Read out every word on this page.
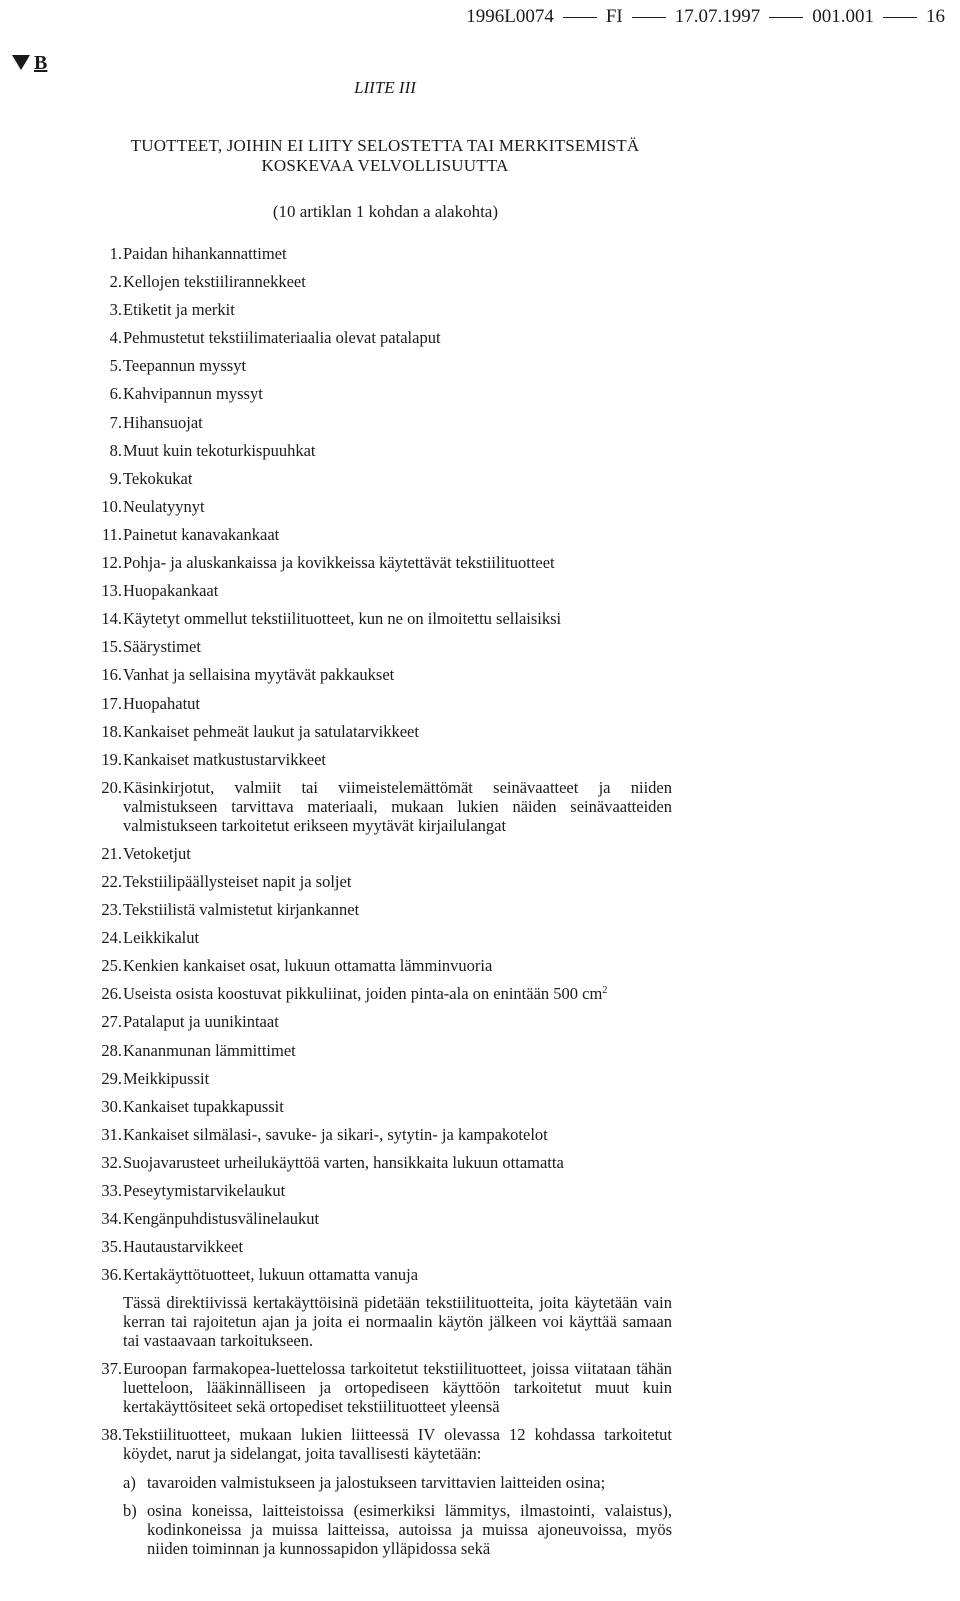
1996L0074	FI	17.07.1997	001.001	16
B
LIITE III
TUOTTEET, JOIHIN EI LIITY SELOSTETTA TAI MERKITSEMISTÄ
KOSKEVAA VELVOLLISUUTTA
(10 artiklan 1 kohdan a alakohta)
1. Paidan hihankannattimet
2. Kellojen tekstiilirannekkeet
3. Etiketit ja merkit
4. Pehmustetut tekstiilimateriaalia olevat patalaput
5. Teepannun myssyt
6. Kahvipannun myssyt
7. Hihansuojat
8. Muut kuin tekoturkispuuhkat
9. Tekokukat
10. Neulatyynyt
11. Painetut kanavakankaat
12. Pohja- ja aluskankaissa ja kovikkeissa käytettävät tekstiilituotteet
13. Huopakankaat
14. Käytetyt ommellut tekstiilituotteet, kun ne on ilmoitettu sellaisiksi
15. Säärystimet
16. Vanhat ja sellaisina myytävät pakkaukset
17. Huopahatut
18. Kankaiset pehmeät laukut ja satulatarvikkeet
19. Kankaiset matkustustarvikkeet
20. Käsinkirjotut, valmiit tai viimeistelemättömät seinävaatteet ja niiden valmistukseen tarvittava materiaali, mukaan lukien näiden seinävaatteiden valmistukseen tarkoitetut erikseen myytävät kirjailulangat
21. Vetoketjut
22. Tekstiilipäällysteiset napit ja soljet
23. Tekstiilistä valmistetut kirjankannet
24. Leikkikalut
25. Kenkien kankaiset osat, lukuun ottamatta lämminvuoria
26. Useista osista koostuvat pikkuliinat, joiden pinta-ala on enintään 500 $cm^2$
27. Patalaput ja uunikintaat
28. Kananmunan lämmittimet
29. Meikkipussit
30. Kankaiset tupakkapussit
31. Kankaiset silmälasi-, savuke- ja sikari-, sytytin- ja kampakotelot
32. Suojavarusteet urheilukäyttöä varten, hansikkaita lukuun ottamatta
33. Peseytymistarvikelaukut
34. Kengänpuhdistusvälinelaukut
35. Hautaustarvikkeet
36. Kertakäyttötuotteet, lukuun ottamatta vanuja
Tässä direktiivissä kertakäyttöisinä pidetään tekstiilituotteita, joita käytetään vain kerran tai rajoitetun ajan ja joita ei normaalin käytön jälkeen voi käyttää samaan tai vastaavaan tarkoitukseen.
37. Euroopan farmakopea-luettelossa tarkoitetut tekstiilituotteet, joissa viitataan tähän luetteloon, lääkinnälliseen ja ortopediseen käyttöön tarkoitetut muut kuin kertakäyttösiteet sekä ortopediset tekstiilituotteet yleensä
38. Tekstiilituotteet, mukaan lukien liitteessä IV olevassa 12 kohdassa tarkoitetut köydet, narut ja sidelangat, joita tavallisesti käytetään:
a) tavaroiden valmistukseen ja jalostukseen tarvittavien laitteiden osina;
b) osina koneissa, laitteistoissa (esimerkiksi lämmitys, ilmastointi, valaistus), kodinkoneissa ja muissa laitteissa, autoissa ja muissa ajoneuvoissa, myös niiden toiminnan ja kunnossapidon ylläpidossa sekä
